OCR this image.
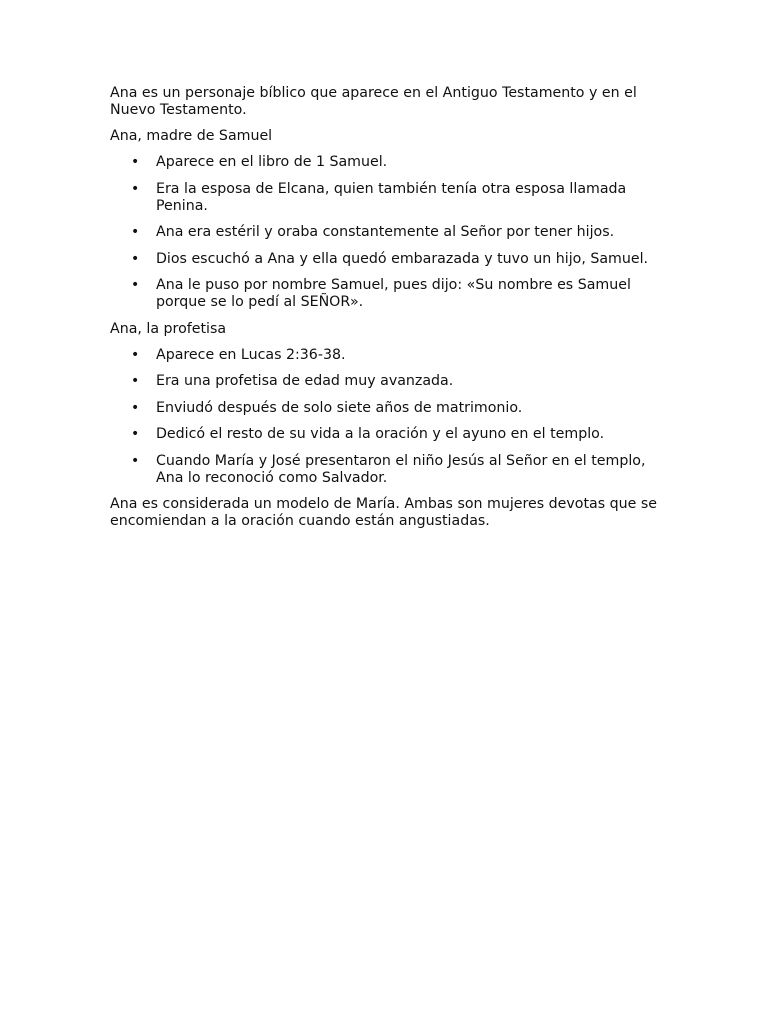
Ana es un personaje bíblico que aparece en el Antiguo Testamento y en el Nuevo Testamento.

Ana, madre de Samuel

• Aparece en el libro de 1 Samuel.
• Era la esposa de Elcana, quien también tenía otra esposa llamada Penina.
• Ana era estéril y oraba constantemente al Señor por tener hijos.
• Dios escuchó a Ana y ella quedó embarazada y tuvo un hijo, Samuel.
• Ana le puso por nombre Samuel, pues dijo: «Su nombre es Samuel porque se lo pedí al SEÑOR».

Ana, la profetisa

• Aparece en Lucas 2:36-38.
• Era una profetisa de edad muy avanzada.
• Enviudó después de solo siete años de matrimonio.
• Dedicó el resto de su vida a la oración y el ayuno en el templo.
• Cuando María y José presentaron el niño Jesús al Señor en el templo, Ana lo reconoció como Salvador.

Ana es considerada un modelo de María. Ambas son mujeres devotas que se encomiendan a la oración cuando están angustiadas.
